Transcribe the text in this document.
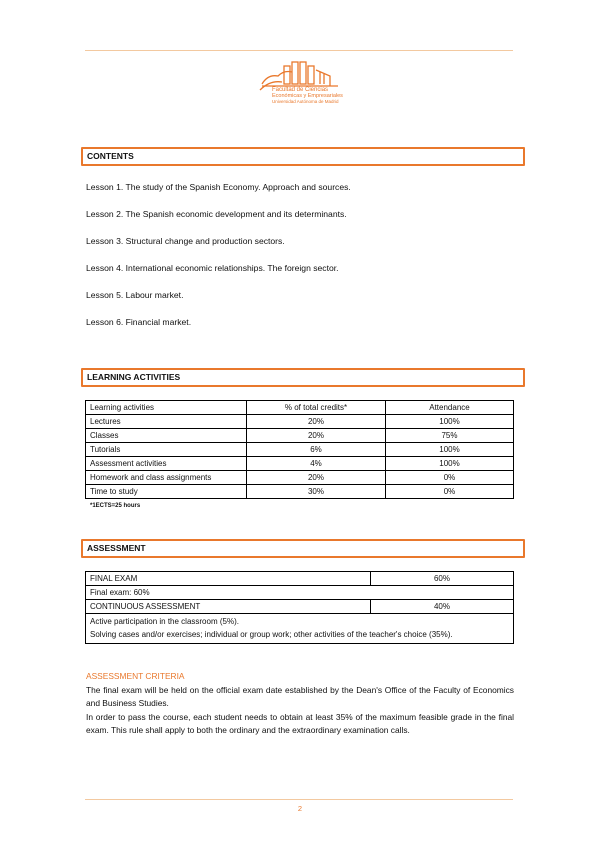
Facultad de Ciencias
Económicas y Empresariales
Universidad Autónoma de Madrid
CONTENTS
Lesson 1. The study of the Spanish Economy. Approach and sources.
Lesson 2. The Spanish economic development and its determinants.
Lesson 3. Structural change and production sectors.
Lesson 4. International economic relationships. The foreign sector.
Lesson 5. Labour market.
Lesson 6. Financial market.
LEARNING ACTIVITIES
Learning activities	% of total credits*	Attendance
Lectures	20%	100%
Classes	20%	75%
Tutorials	6%	100%
Assessment activities	4%	100%
Homework and class assignments	20%	0%
Time to study	30%	0%
*1ECTS=25 hours
ASSESSMENT
FINAL EXAM	60%
Final exam: 60%	
CONTINUOUS ASSESSMENT	40%

Active participation in the classroom (5%).
Solving cases and/or exercises; individual or group work; other activities of the teacher's choice (35%).	
ASSESSMENT CRITERIA

The final exam will be held on the official exam date established by the Dean's Office of the Faculty of Economics and Business Studies.

In order to pass the course, each student needs to obtain at least 35% of the maximum feasible grade in the final exam. This rule shall apply to both the ordinary and the extraordinary examination calls.

2
